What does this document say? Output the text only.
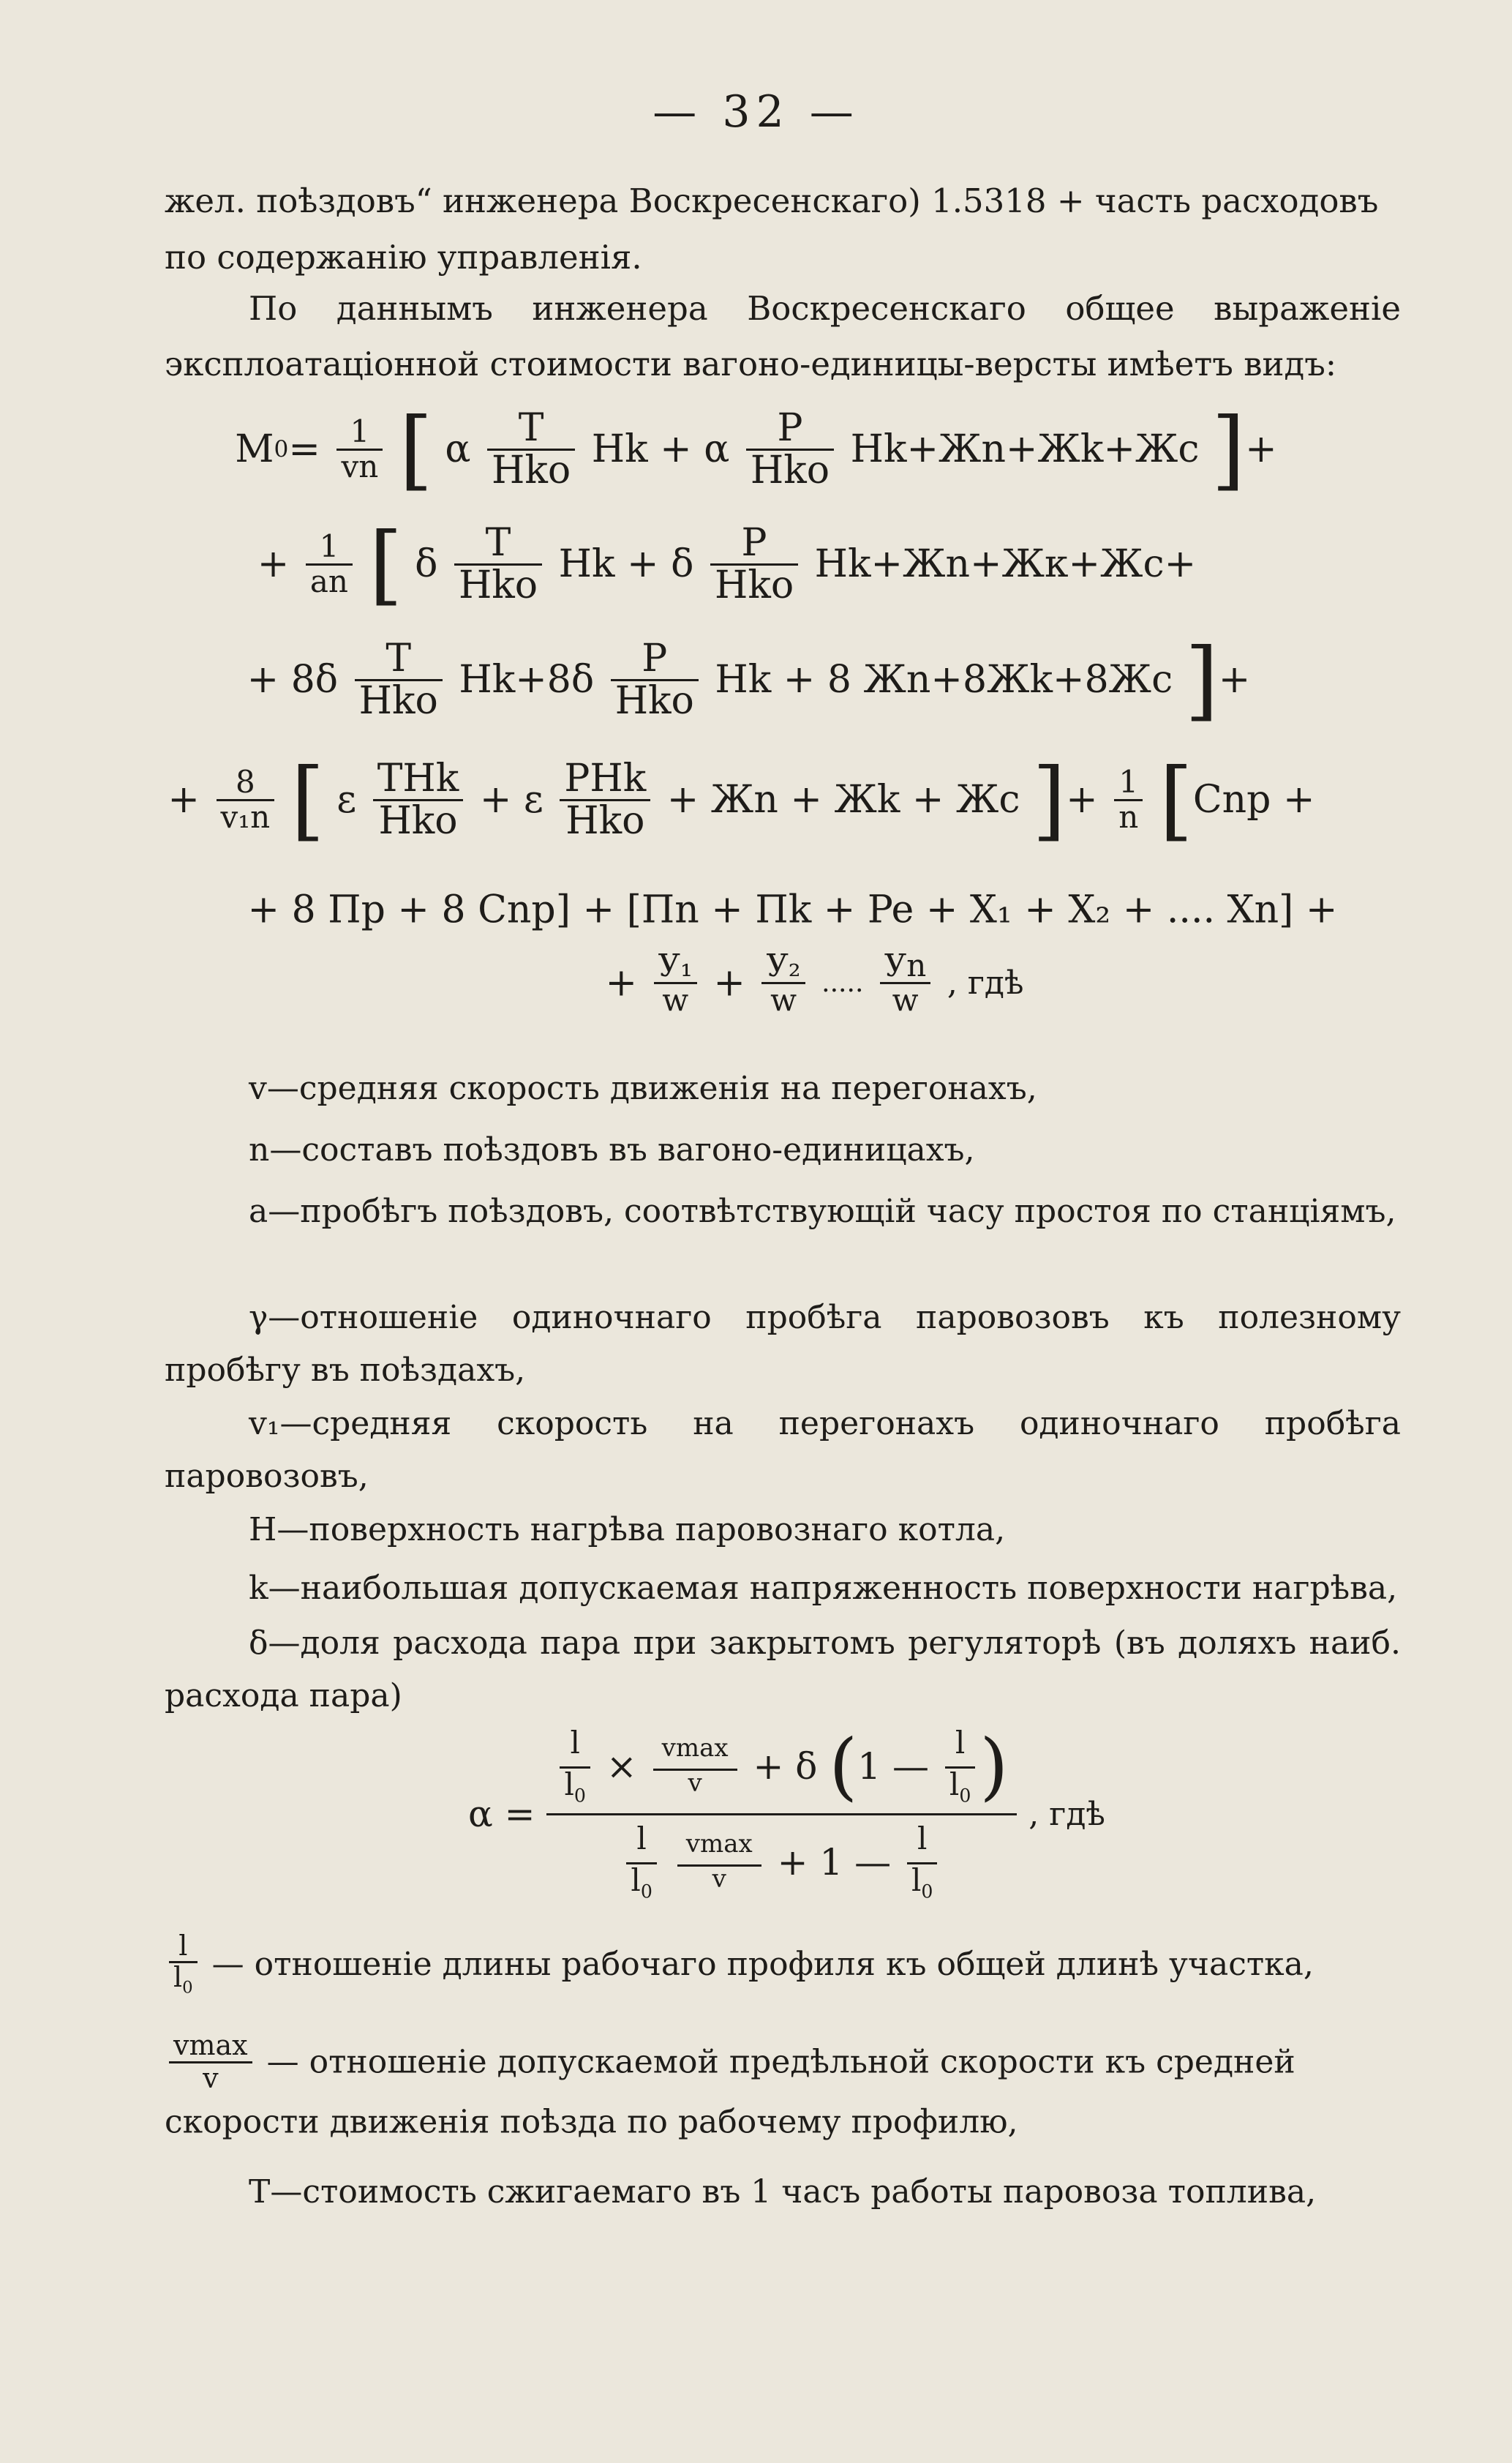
— 32 —
жел. поѣздовъ“ инженера Воскресенскаго) 1.5318 + часть расходовъ
по содержанію управленія.
По даннымъ инженера Воскресенскаго общее выраженіе эксплоатаціонной стоимости вагоно-единицы-версты имѣетъ видъ:
$M0= \frac{1}{vn}$ [ α $\frac{T}{\text{Hko}}$ Hk + α $\frac{P}{\text{Hko}} Hk+Жn+Жk+Жc$ ]+
+ $\frac{1}{an}$ [ δ $\frac{T}{\text{Hko}}$ Hk + δ $\frac{P}{\text{Hko}} Hk+Жn+Жк+Жс+$
+ $8\delta \frac{T}{\text{Hko}} Hk+8\delta \frac{P}{\text{Hko}}$ Hk + 8 Жn+8Жk+8Жc ]+
+ $\frac{8}{\text{v₁n}}$ [ ε $\frac{\text{THk}}{\text{Hko}} + \varepsilon \frac{\text{PHk}}{\text{Hko}}$ + Жn + Жk + Жc ]+ $\frac{1}{n} [Cnp$ +
+ 8 Пр + 8 Cnp] + [Пn + Пk + Pe + X₁ + X₂ + .... Xn] +
+ $\frac{\text{У₁}}{w} + \frac{\text{У₂}}{w}$ ..... $\frac{Уn}{w}$ , гдѣ
v—средняя скорость движенія на перегонахъ,
n—составъ поѣздовъ въ вагоно-единицахъ,
a—пробѣгъ поѣздовъ, соотвѣтствующій часу простоя по станціямъ,
γ—отношеніе одиночнаго пробѣга паровозовъ къ полезному пробѣгу въ поѣздахъ,
v₁—средняя скорость на перегонахъ одиночнаго пробѣга паровозовъ,
H—поверхность нагрѣва паровознаго котла,
k—наибольшая допускаемая напряженность поверхности нагрѣва,
δ—доля расхода пара при закрытомъ регуляторѣ (въ доляхъ наиб. расхода пара)
α =
$\frac{l}{l_0} \times \frac{vmax}{v} + \delta$ (1 — $\frac{l}{l_0}$ )
$\frac{l}{l_0}$
$\frac{vmax}{v} + 1$ — $\frac{l}{l_0}$
, гдѣ
$\frac{l}{l_0}$ — отношеніе длины рабочаго профиля къ общей длинѣ участка,
$\frac{vmax}{v}$ — отношеніе допускаемой предѣльной скорости къ средней скорости движенія поѣзда по рабочему профилю,
T—стоимость сжигаемаго въ 1 часъ работы паровоза топлива,
